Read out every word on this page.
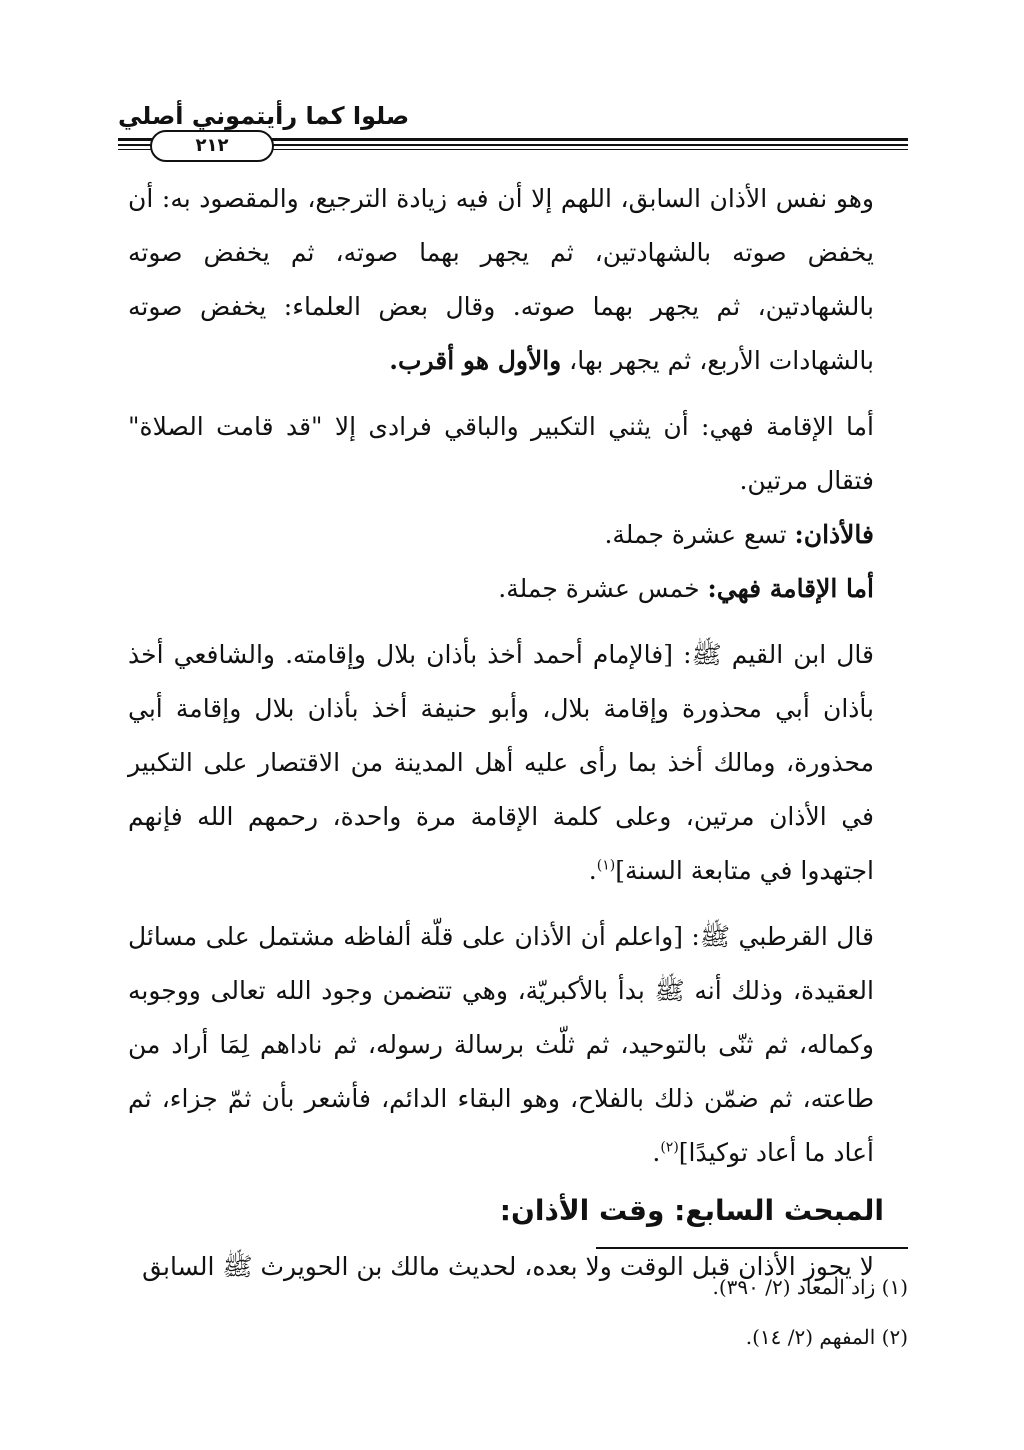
صلوا كما رأيتموني أصلي
٢١٢

وهو نفس الأذان السابق، اللهم إلا أن فيه زيادة الترجيع، والمقصود به: أن يخفض صوته بالشهادتين، ثم يجهر بهما صوته، ثم يخفض صوته بالشهادتين، ثم يجهر بهما صوته. وقال بعض العلماء: يخفض صوته بالشهادات الأربع، ثم يجهر بها، والأول هو أقرب.

أما الإقامة فهي: أن يثني التكبير والباقي فرادى إلا "قد قامت الصلاة" فتقال مرتين.

فالأذان: تسع عشرة جملة.

أما الإقامة فهي: خمس عشرة جملة.

قال ابن القيم ﷺ: [فالإمام أحمد أخذ بأذان بلال وإقامته. والشافعي أخذ بأذان أبي محذورة وإقامة بلال، وأبو حنيفة أخذ بأذان بلال وإقامة أبي محذورة، ومالك أخذ بما رأى عليه أهل المدينة من الاقتصار على التكبير في الأذان مرتين، وعلى كلمة الإقامة مرة واحدة، رحمهم الله فإنهم اجتهدوا في متابعة السنة]$^{(١)}$.

قال القرطبي ﷺ: [واعلم أن الأذان على قلّة ألفاظه مشتمل على مسائل العقيدة، وذلك أنه ﷺ بدأ بالأكبريّة، وهي تتضمن وجود الله تعالى ووجوبه وكماله، ثم ثنّى بالتوحيد، ثم ثلّث برسالة رسوله، ثم ناداهم لِمَا أراد من طاعته، ثم ضمّن ذلك بالفلاح، وهو البقاء الدائم، فأشعر بأن ثمّ جزاء، ثم أعاد ما أعاد توكيدًا]$^{(٢)}$.

المبحث السابع: وقت الأذان:

لا يجوز الأذان قبل الوقت ولا بعده، لحديث مالك بن الحويرث ﷺ السابق

(١) زاد المعاد (٢/ ٣٩٠).

(٢) المفهم (٢/ ١٤).
